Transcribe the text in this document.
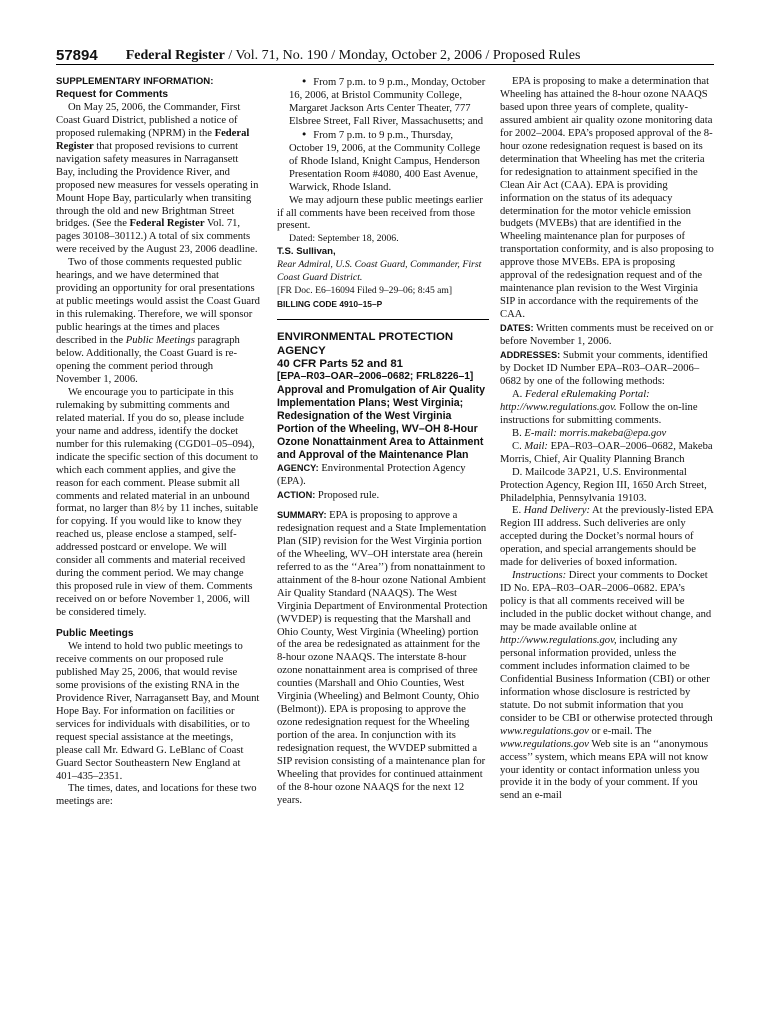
57894 Federal Register / Vol. 71, No. 190 / Monday, October 2, 2006 / Proposed Rules

SUPPLEMENTARY INFORMATION:

Request for Comments

On May 25, 2006, the Commander, First Coast Guard District, published a notice of proposed rulemaking (NPRM) in the Federal Register that proposed revisions to current navigation safety measures in Narragansett Bay, including the Providence River, and proposed new measures for vessels operating in Mount Hope Bay, particularly when transiting through the old and new Brightman Street bridges. (See the Federal Register Vol. 71, pages 30108–30112.) A total of six comments were received by the August 23, 2006 deadline.

Two of those comments requested public hearings, and we have determined that providing an opportunity for oral presentations at public meetings would assist the Coast Guard in this rulemaking. Therefore, we will sponsor public hearings at the times and places described in the Public Meetings paragraph below. Additionally, the Coast Guard is re-opening the comment period through November 1, 2006.

We encourage you to participate in this rulemaking by submitting comments and related material. If you do so, please include your name and address, identify the docket number for this rulemaking (CGD01–05–094), indicate the specific section of this document to which each comment applies, and give the reason for each comment. Please submit all comments and related material in an unbound format, no larger than 8½ by 11 inches, suitable for copying. If you would like to know they reached us, please enclose a stamped, self-addressed postcard or envelope. We will consider all comments and material received during the comment period. We may change this proposed rule in view of them. Comments received on or before November 1, 2006, will be considered timely.

Public Meetings

We intend to hold two public meetings to receive comments on our proposed rule published May 25, 2006, that would revise some provisions of the existing RNA in the Providence River, Narragansett Bay, and Mount Hope Bay. For information on facilities or services for individuals with disabilities, or to request special assistance at the meetings, please call Mr. Edward G. LeBlanc of Coast Guard Sector Southeastern New England at 401–435–2351.

The times, dates, and locations for these two meetings are:

• From 7 p.m. to 9 p.m., Monday, October 16, 2006, at Bristol Community College, Margaret Jackson Arts Center Theater, 777 Elsbree Street, Fall River, Massachusetts; and

• From 7 p.m. to 9 p.m., Thursday, October 19, 2006, at the Community College of Rhode Island, Knight Campus, Henderson Presentation Room #4080, 400 East Avenue, Warwick, Rhode Island.

We may adjourn these public meetings earlier if all comments have been received from those present.

Dated: September 18, 2006.

T.S. Sullivan,

Rear Admiral, U.S. Coast Guard, Commander, First Coast Guard District.

[FR Doc. E6–16094 Filed 9–29–06; 8:45 am]

BILLING CODE 4910–15–P

ENVIRONMENTAL PROTECTION AGENCY

40 CFR Parts 52 and 81

[EPA–R03–OAR–2006–0682; FRL8226–1]

Approval and Promulgation of Air Quality Implementation Plans; West Virginia; Redesignation of the West Virginia Portion of the Wheeling, WV–OH 8-Hour Ozone Nonattainment Area to Attainment and Approval of the Maintenance Plan

AGENCY: Environmental Protection Agency (EPA).

ACTION: Proposed rule.

SUMMARY: EPA is proposing to approve a redesignation request and a State Implementation Plan (SIP) revision for the West Virginia portion of the Wheeling, WV–OH interstate area (herein referred to as the ‘‘Area’’) from nonattainment to attainment of the 8-hour ozone National Ambient Air Quality Standard (NAAQS). The West Virginia Department of Environmental Protection (WVDEP) is requesting that the Marshall and Ohio County, West Virginia (Wheeling) portion of the area be redesignated as attainment for the 8-hour ozone NAAQS. The interstate 8-hour ozone nonattainment area is comprised of three counties (Marshall and Ohio Counties, West Virginia (Wheeling) and Belmont County, Ohio (Belmont)). EPA is proposing to approve the ozone redesignation request for the Wheeling portion of the area. In conjunction with its redesignation request, the WVDEP submitted a SIP revision consisting of a maintenance plan for Wheeling that provides for continued attainment of the 8-hour ozone NAAQS for the next 12 years.

EPA is proposing to make a determination that Wheeling has attained the 8-hour ozone NAAQS based upon three years of complete, quality-assured ambient air quality ozone monitoring data for 2002–2004. EPA’s proposed approval of the 8-hour ozone redesignation request is based on its determination that Wheeling has met the criteria for redesignation to attainment specified in the Clean Air Act (CAA). EPA is providing information on the status of its adequacy determination for the motor vehicle emission budgets (MVEBs) that are identified in the Wheeling maintenance plan for purposes of transportation conformity, and is also proposing to approve those MVEBs. EPA is proposing approval of the redesignation request and of the maintenance plan revision to the West Virginia SIP in accordance with the requirements of the CAA.

DATES: Written comments must be received on or before November 1, 2006.

ADDRESSES: Submit your comments, identified by Docket ID Number EPA–R03–OAR–2006–0682 by one of the following methods:

A. Federal eRulemaking Portal: http://www.regulations.gov. Follow the on-line instructions for submitting comments.

B. E-mail: morris.makeba@epa.gov

C. Mail: EPA–R03–OAR–2006–0682, Makeba Morris, Chief, Air Quality Planning Branch

D. Mailcode 3AP21, U.S. Environmental Protection Agency, Region III, 1650 Arch Street, Philadelphia, Pennsylvania 19103.

E. Hand Delivery: At the previously-listed EPA Region III address. Such deliveries are only accepted during the Docket’s normal hours of operation, and special arrangements should be made for deliveries of boxed information.

Instructions: Direct your comments to Docket ID No. EPA–R03–OAR–2006–0682. EPA’s policy is that all comments received will be included in the public docket without change, and may be made available online at http://www.regulations.gov, including any personal information provided, unless the comment includes information claimed to be Confidential Business Information (CBI) or other information whose disclosure is restricted by statute. Do not submit information that you consider to be CBI or otherwise protected through www.regulations.gov or e-mail. The www.regulations.gov Web site is an ‘‘anonymous access’’ system, which means EPA will not know your identity or contact information unless you provide it in the body of your comment. If you send an e-mail
